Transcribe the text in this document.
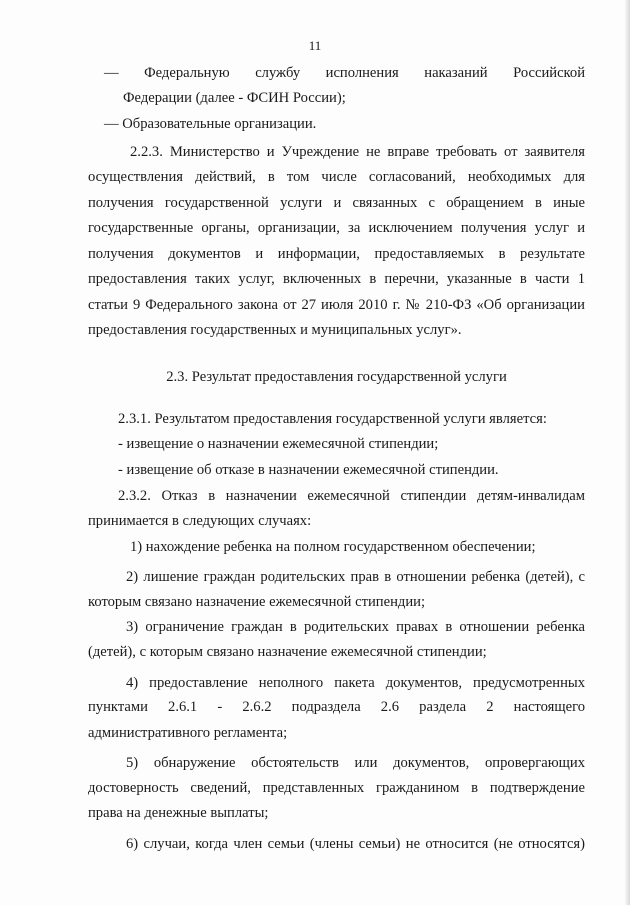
11
— Федеральную службу исполнения наказаний Российской
Федерации (далее - ФСИН России);
— Образовательные организации.
2.2.3. Министерство и Учреждение не вправе требовать от заявителя
осуществления действий, в том числе согласований, необходимых для
получения государственной услуги и связанных с обращением в иные
государственные органы, организации, за исключением получения услуг и
получения документов и информации, предоставляемых в результате
предоставления таких услуг, включенных в перечни, указанные в части 1
статьи 9 Федерального закона от 27 июля 2010 г. № 210-ФЗ «Об организации
предоставления государственных и муниципальных услуг».
2.3. Результат предоставления государственной услуги
2.3.1. Результатом предоставления государственной услуги является:
- извещение о назначении ежемесячной стипендии;
- извещение об отказе в назначении ежемесячной стипендии.
2.3.2. Отказ в назначении ежемесячной стипендии детям-инвалидам
принимается в следующих случаях:
1) нахождение ребенка на полном государственном обеспечении;
2) лишение граждан родительских прав в отношении ребенка (детей), с
которым связано назначение ежемесячной стипендии;
3) ограничение граждан в родительских правах в отношении ребенка
(детей), с которым связано назначение ежемесячной стипендии;
4) предоставление неполного пакета документов, предусмотренных
пунктами 2.6.1 - 2.6.2 подраздела 2.6 раздела 2 настоящего
административного регламента;
5) обнаружение обстоятельств или документов, опровергающих
достоверность сведений, представленных гражданином в подтверждение
права на денежные выплаты;
6) случаи, когда член семьи (члены семьи) не относится (не относятся)
